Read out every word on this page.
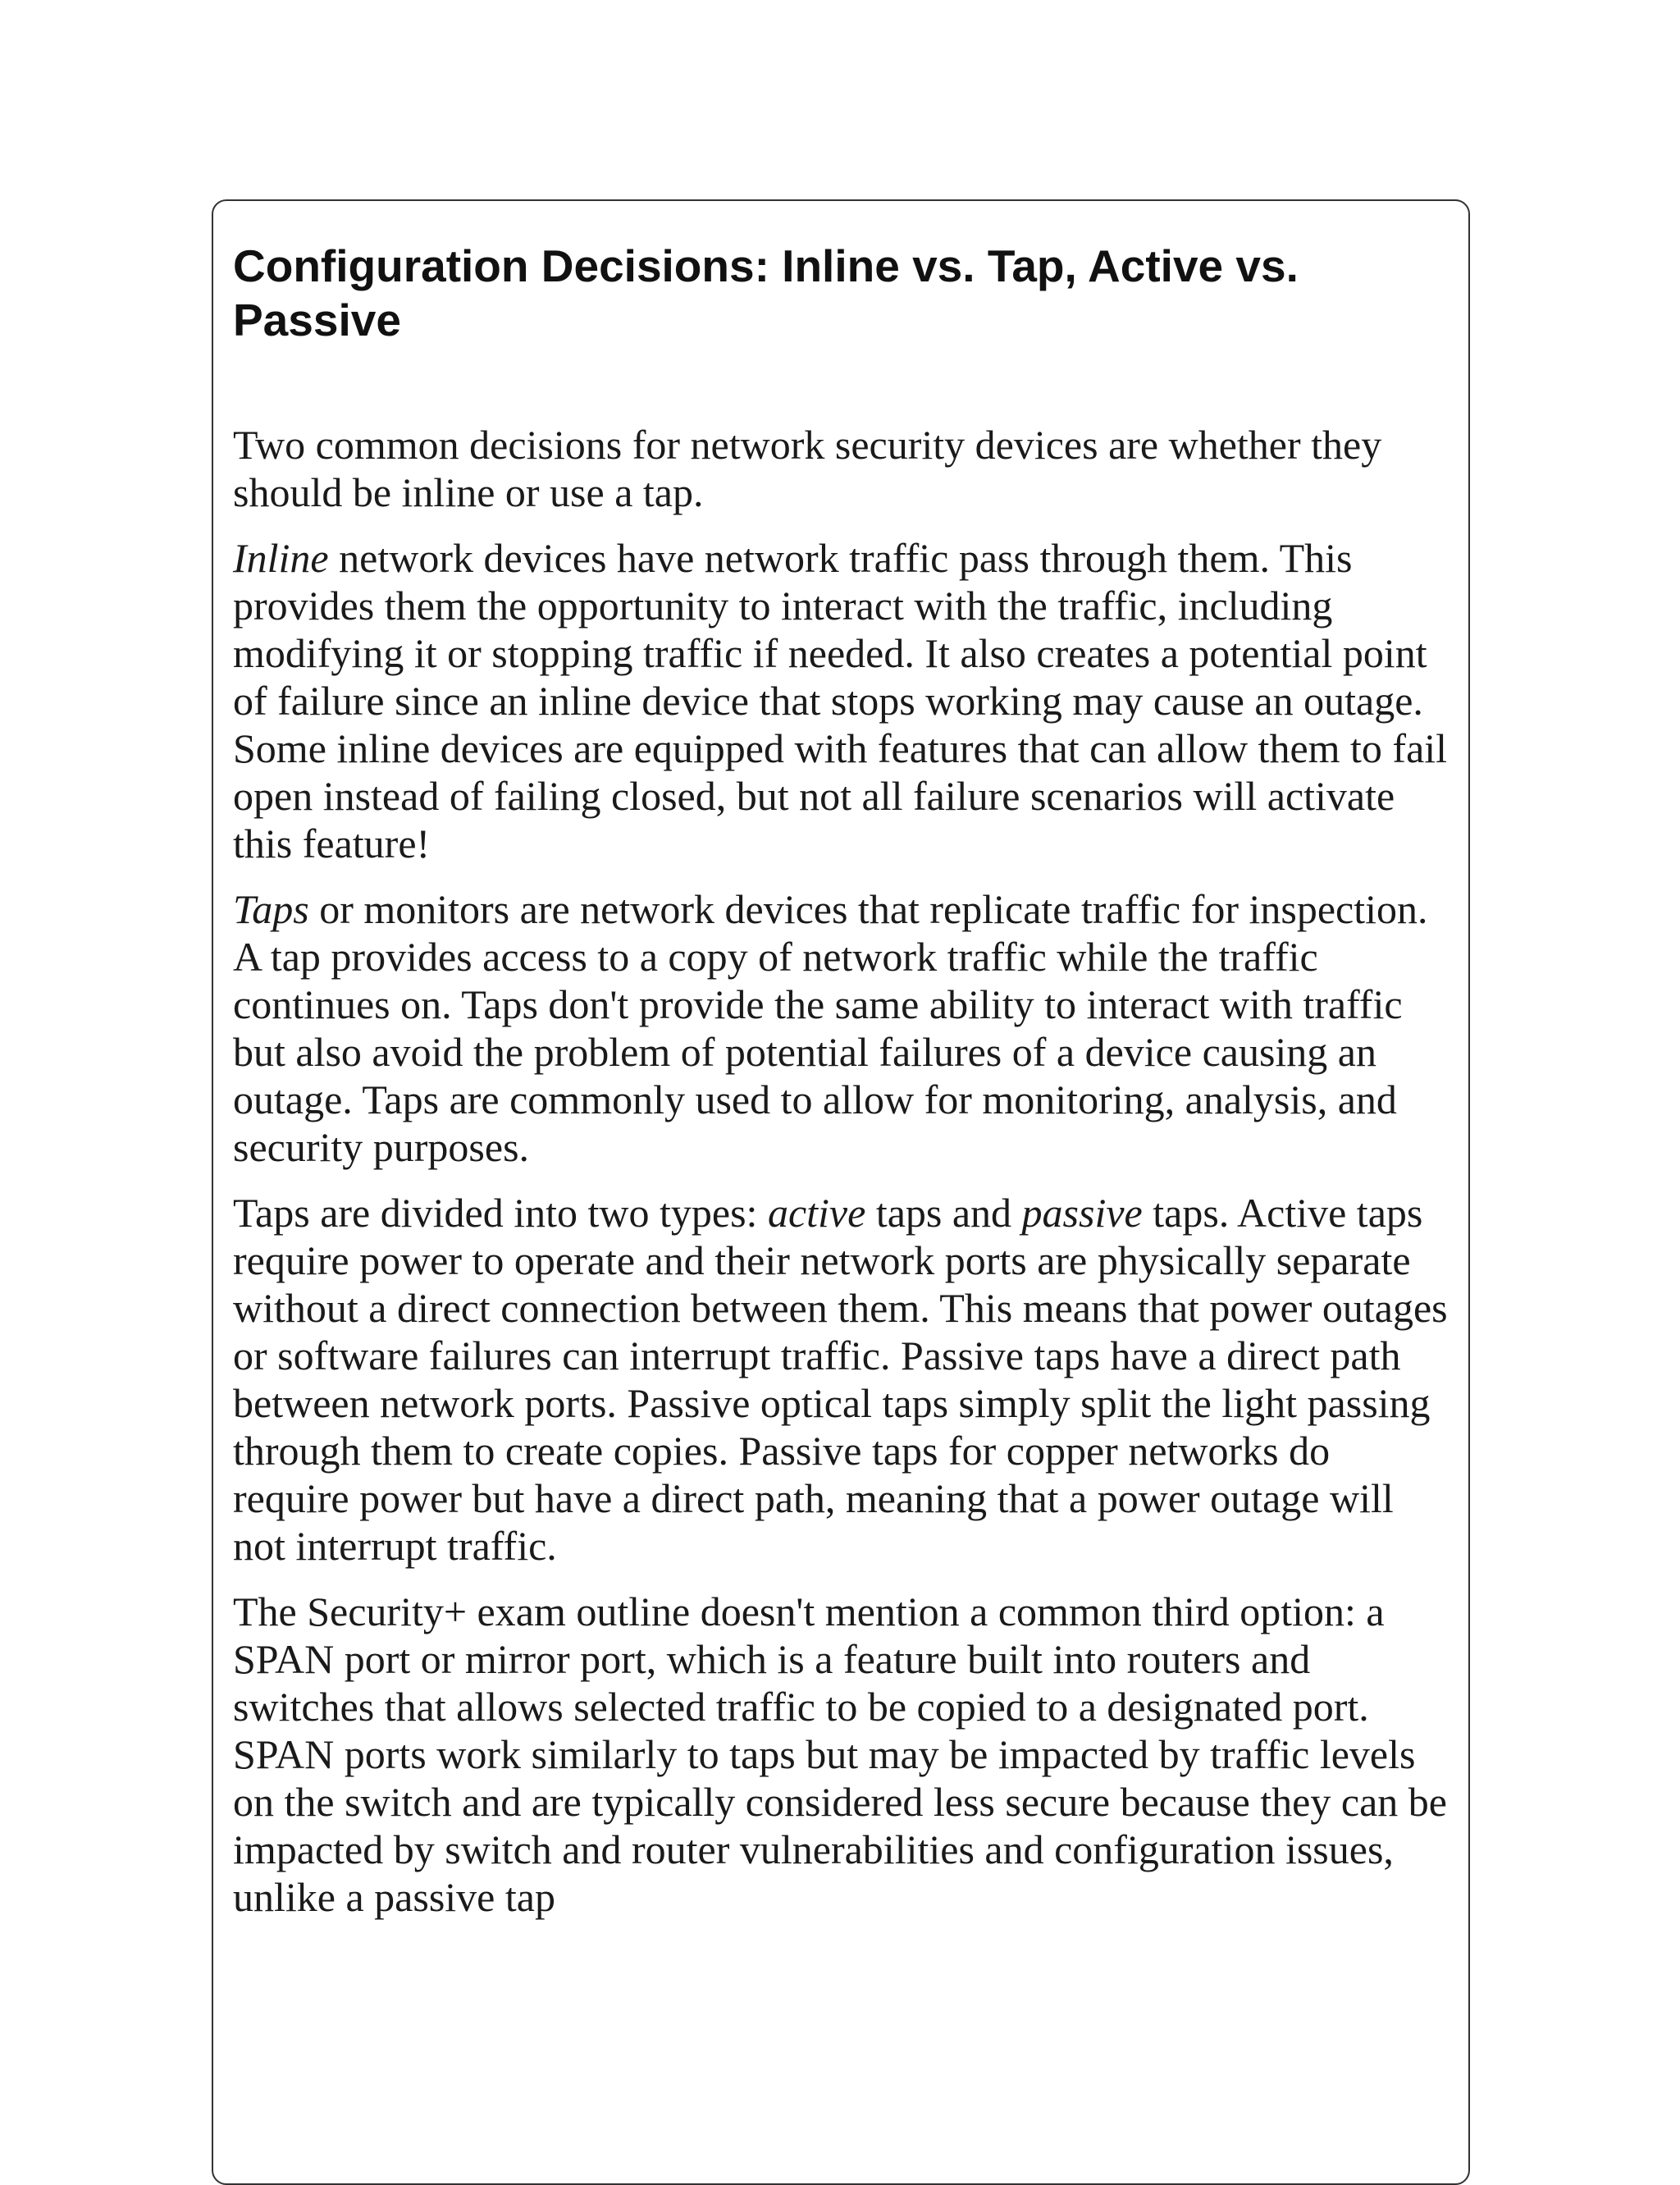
Configuration Decisions: Inline vs. Tap, Active vs. Passive

Two common decisions for network security devices are whether they should be inline or use a tap.

Inline network devices have network traffic pass through them. This provides them the opportunity to interact with the traffic, including modifying it or stopping traffic if needed. It also creates a potential point of failure since an inline device that stops working may cause an outage. Some inline devices are equipped with features that can allow them to fail open instead of failing closed, but not all failure scenarios will activate this feature!

Taps or monitors are network devices that replicate traffic for inspection. A tap provides access to a copy of network traffic while the traffic continues on. Taps don't provide the same ability to interact with traffic but also avoid the problem of potential failures of a device causing an outage. Taps are commonly used to allow for monitoring, analysis, and security purposes.

Taps are divided into two types: active taps and passive taps. Active taps require power to operate and their network ports are physically separate without a direct connection between them. This means that power outages or software failures can interrupt traffic. Passive taps have a direct path between network ports. Passive optical taps simply split the light passing through them to create copies. Passive taps for copper networks do require power but have a direct path, meaning that a power outage will not interrupt traffic.

The Security+ exam outline doesn't mention a common third option: a SPAN port or mirror port, which is a feature built into routers and switches that allows selected traffic to be copied to a designated port. SPAN ports work similarly to taps but may be impacted by traffic levels on the switch and are typically considered less secure because they can be impacted by switch and router vulnerabilities and configuration issues, unlike a passive tap
